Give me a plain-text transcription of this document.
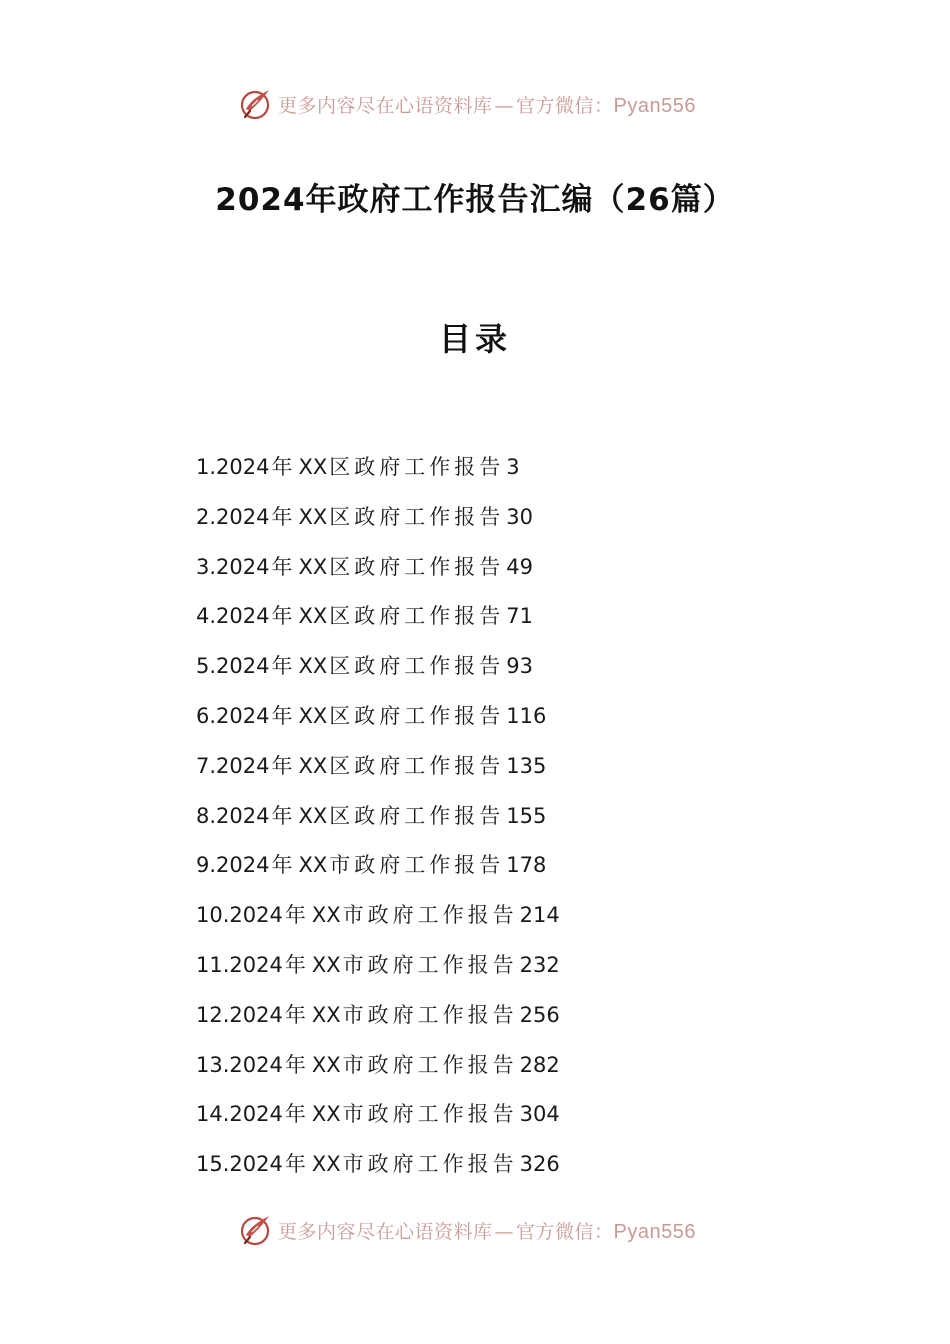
更多内容尽在心语资料库 — 官方微信：Pyan556
2024年政府工作报告汇编（26篇）
目录
1.2024年XX区政府工作报告3
2.2024年XX区政府工作报告30
3.2024年XX区政府工作报告49
4.2024年XX区政府工作报告71
5.2024年XX区政府工作报告93
6.2024年XX区政府工作报告116
7.2024年XX区政府工作报告135
8.2024年XX区政府工作报告155
9.2024年XX市政府工作报告178
10.2024年XX市政府工作报告214
11.2024年XX市政府工作报告232
12.2024年XX市政府工作报告256
13.2024年XX市政府工作报告282
14.2024年XX市政府工作报告304
15.2024年XX市政府工作报告326
更多内容尽在心语资料库 — 官方微信：Pyan556
